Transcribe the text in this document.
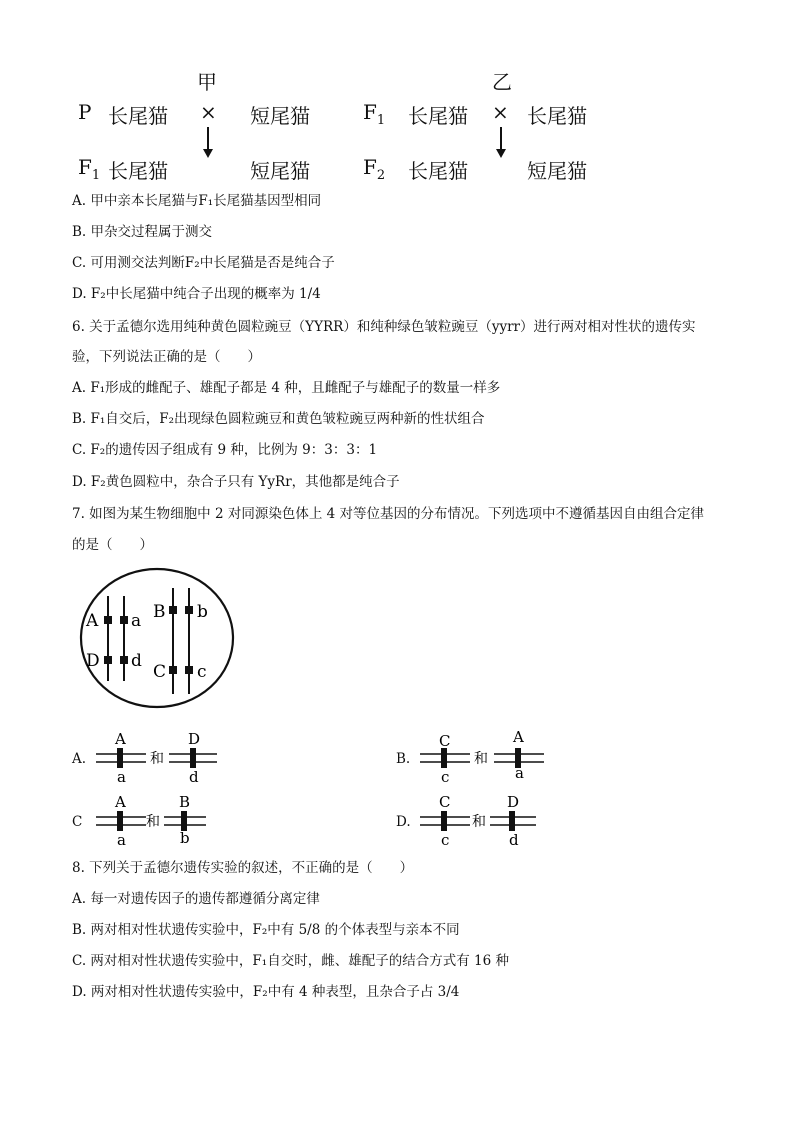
甲	乙
P 长尾猫 × 短尾猫	$F_1$ 长尾猫 × 长尾猫
$F_1$ 长尾猫	短尾猫	$F_2$ 长尾猫	短尾猫
A. 甲中亲本长尾猫与F₁长尾猫基因型相同
B. 甲杂交过程属于测交
C. 可用测交法判断F₂中长尾猫是否是纯合子
D. F₂中长尾猫中纯合子出现的概率为 1/4
6. 关于孟德尔选用纯种黄色圆粒豌豆（YYRR）和纯种绿色皱粒豌豆（yyrr）进行两对相对性状的遗传实
验，下列说法正确的是（　　）
A. F₁形成的雌配子、雄配子都是 4 种，且雌配子与雄配子的数量一样多
B. F₁自交后，F₂出现绿色圆粒豌豆和黄色皱粒豌豆两种新的性状组合
C. F₂的遗传因子组成有 9 种，比例为 9：3：3：1
D. F₂黄色圆粒中，杂合子只有 YyRr，其他都是纯合子
7. 如图为某生物细胞中 2 对同源染色体上 4 对等位基因的分布情况。下列选项中不遵循基因自由组合定律
的是（　　）
A a
D d
B b
C c
A.
A
a
和
D
d
B.
C
c
和
A
a
C
A
a
和
B
b
D.
C
c
和
D
d
8. 下列关于孟德尔遗传实验的叙述，不正确的是（　　）
A. 每一对遗传因子的遗传都遵循分离定律
B. 两对相对性状遗传实验中，F₂中有 5/8 的个体表型与亲本不同
C. 两对相对性状遗传实验中，F₁自交时，雌、雄配子的结合方式有 16 种
D. 两对相对性状遗传实验中，F₂中有 4 种表型，且杂合子占 3/4
